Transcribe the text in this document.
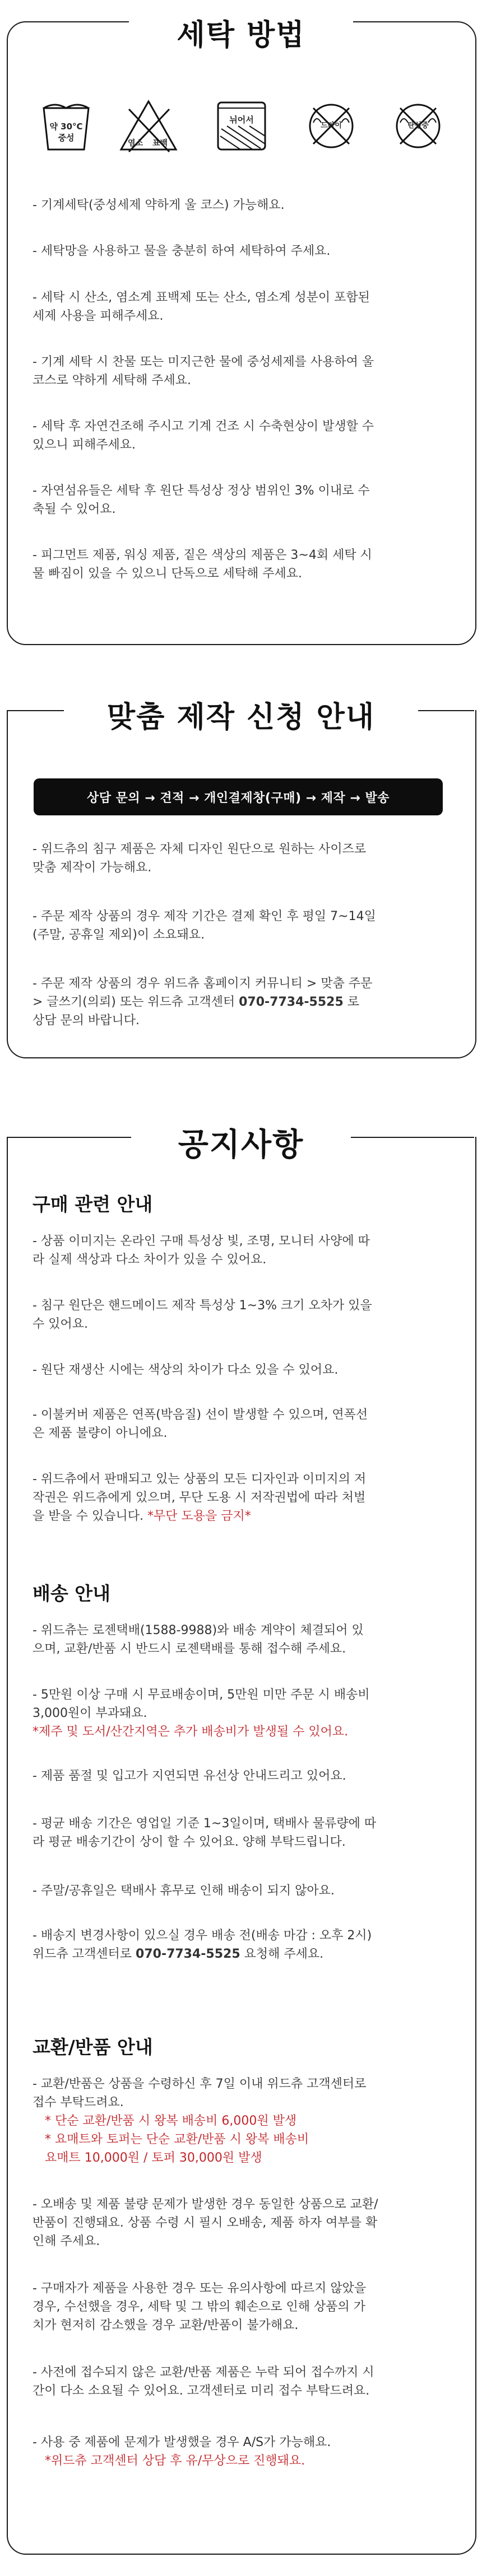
세탁 방법
약 30°C
중성
염소 표백
뉘어서
드라이	탄성중
- 기계세탁(중성세제 약하게 울 코스) 가능해요.
- 세탁망을 사용하고 물을 충분히 하여 세탁하여 주세요.
- 세탁 시 산소, 염소계 표백제 또는 산소, 염소계 성분이 포함된
세제 사용을 피해주세요.
- 기계 세탁 시 찬물 또는 미지근한 물에 중성세제를 사용하여 울
코스로 약하게 세탁해 주세요.
- 세탁 후 자연건조해 주시고 기계 건조 시 수축현상이 발생할 수
있으니 피해주세요.
- 자연섬유들은 세탁 후 원단 특성상 정상 범위인 3% 이내로 수
축될 수 있어요.
- 피그먼트 제품, 워싱 제품, 짙은 색상의 제품은 3~4회 세탁 시
물 빠짐이 있을 수 있으니 단독으로 세탁해 주세요.
맞춤 제작 신청 안내
상담 문의 → 견적 → 개인결제창(구매) → 제작 → 발송
- 위드츄의 침구 제품은 자체 디자인 원단으로 원하는 사이즈로
맞춤 제작이 가능해요.
- 주문 제작 상품의 경우 제작 기간은 결제 확인 후 평일 7~14일
(주말, 공휴일 제외)이 소요돼요.
- 주문 제작 상품의 경우 위드츄 홈페이지 커뮤니티 > 맞춤 주문
> 글쓰기(의뢰) 또는 위드츄 고객센터 070-7734-5525 로
상담 문의 바랍니다.
공지사항
구매 관련 안내
- 상품 이미지는 온라인 구매 특성상 빛, 조명, 모니터 사양에 따
라 실제 색상과 다소 차이가 있을 수 있어요.
- 침구 원단은 핸드메이드 제작 특성상 1~3% 크기 오차가 있을
수 있어요.
- 원단 재생산 시에는 색상의 차이가 다소 있을 수 있어요.
- 이불커버 제품은 연폭(박음질) 선이 발생할 수 있으며, 연폭선
은 제품 불량이 아니에요.
- 위드츄에서 판매되고 있는 상품의 모든 디자인과 이미지의 저
작권은 위드츄에게 있으며, 무단 도용 시 저작권법에 따라 처벌
을 받을 수 있습니다. *무단 도용을 금지*
배송 안내
- 위드츄는 로젠택배(1588-9988)와 배송 계약이 체결되어 있
으며, 교환/반품 시 반드시 로젠택배를 통해 접수해 주세요.
- 5만원 이상 구매 시 무료배송이며, 5만원 미만 주문 시 배송비
3,000원이 부과돼요.
*제주 및 도서/산간지역은 추가 배송비가 발생될 수 있어요.
- 제품 품절 및 입고가 지연되면 유선상 안내드리고 있어요.
- 평균 배송 기간은 영업일 기준 1~3일이며, 택배사 물류량에 따
라 평균 배송기간이 상이 할 수 있어요. 양해 부탁드립니다.
- 주말/공휴일은 택배사 휴무로 인해 배송이 되지 않아요.
- 배송지 변경사항이 있으실 경우 배송 전(배송 마감 : 오후 2시)
위드츄 고객센터로 070-7734-5525 요청해 주세요.
교환/반품 안내
- 교환/반품은 상품을 수령하신 후 7일 이내 위드츄 고객센터로
접수 부탁드려요.
* 단순 교환/반품 시 왕복 배송비 6,000원 발생
* 요매트와 토퍼는 단순 교환/반품 시 왕복 배송비
요매트 10,000원 / 토퍼 30,000원 발생
- 오배송 및 제품 불량 문제가 발생한 경우 동일한 상품으로 교환/
반품이 진행돼요. 상품 수령 시 필시 오배송, 제품 하자 여부를 확
인해 주세요.
- 구매자가 제품을 사용한 경우 또는 유의사항에 따르지 않았을
경우, 수선했을 경우, 세탁 및 그 밖의 훼손으로 인해 상품의 가
치가 현저히 감소했을 경우 교환/반품이 불가해요.
- 사전에 접수되지 않은 교환/반품 제품은 누락 되어 접수까지 시
간이 다소 소요될 수 있어요. 고객센터로 미리 접수 부탁드려요.
- 사용 중 제품에 문제가 발생했을 경우 A/S가 가능해요.
*위드츄 고객센터 상담 후 유/무상으로 진행돼요.
